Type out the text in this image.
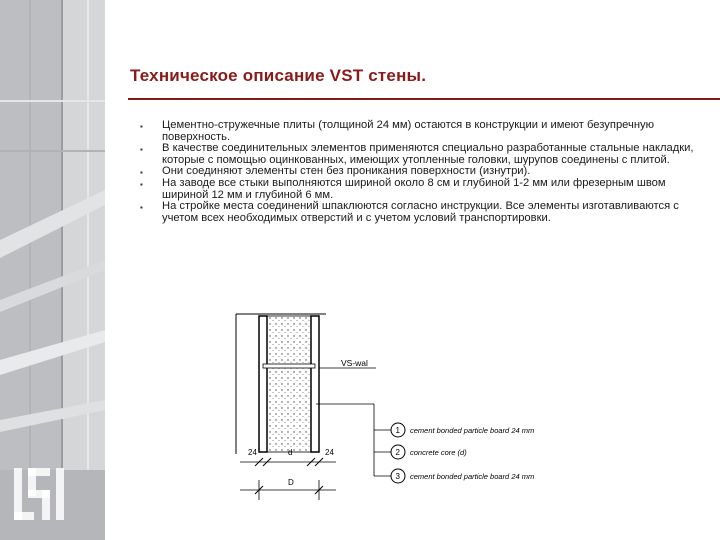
Техническое описание VST стены.
▪ Цементно-стружечные плиты (толщиной 24 мм) остаются в конструкции и имеют безупречную поверхность.
▪ В качестве соединительных элементов применяются специально разработанные стальные накладки, которые с помощью оцинкованных, имеющих утопленные головки, шурупов соединены с плитой.
▪ Они соединяют элементы стен без проникания поверхности (изнутри).
▪ На заводе все стыки выполняются шириной около 8 см и глубиной 1-2 мм или фрезерным швом шириной 12 мм и глубиной 6 мм.
▪ На стройке места соединений шпаклюются согласно инструкции. Все элементы изготавливаются с учетом всех необходимых отверстий и с учетом условий транспортировки.
VS-wal
1 cement bonded particle board 24 mm
2 concrete core (d)
3 cement bonded particle board 24 mm
24	d	24
D
